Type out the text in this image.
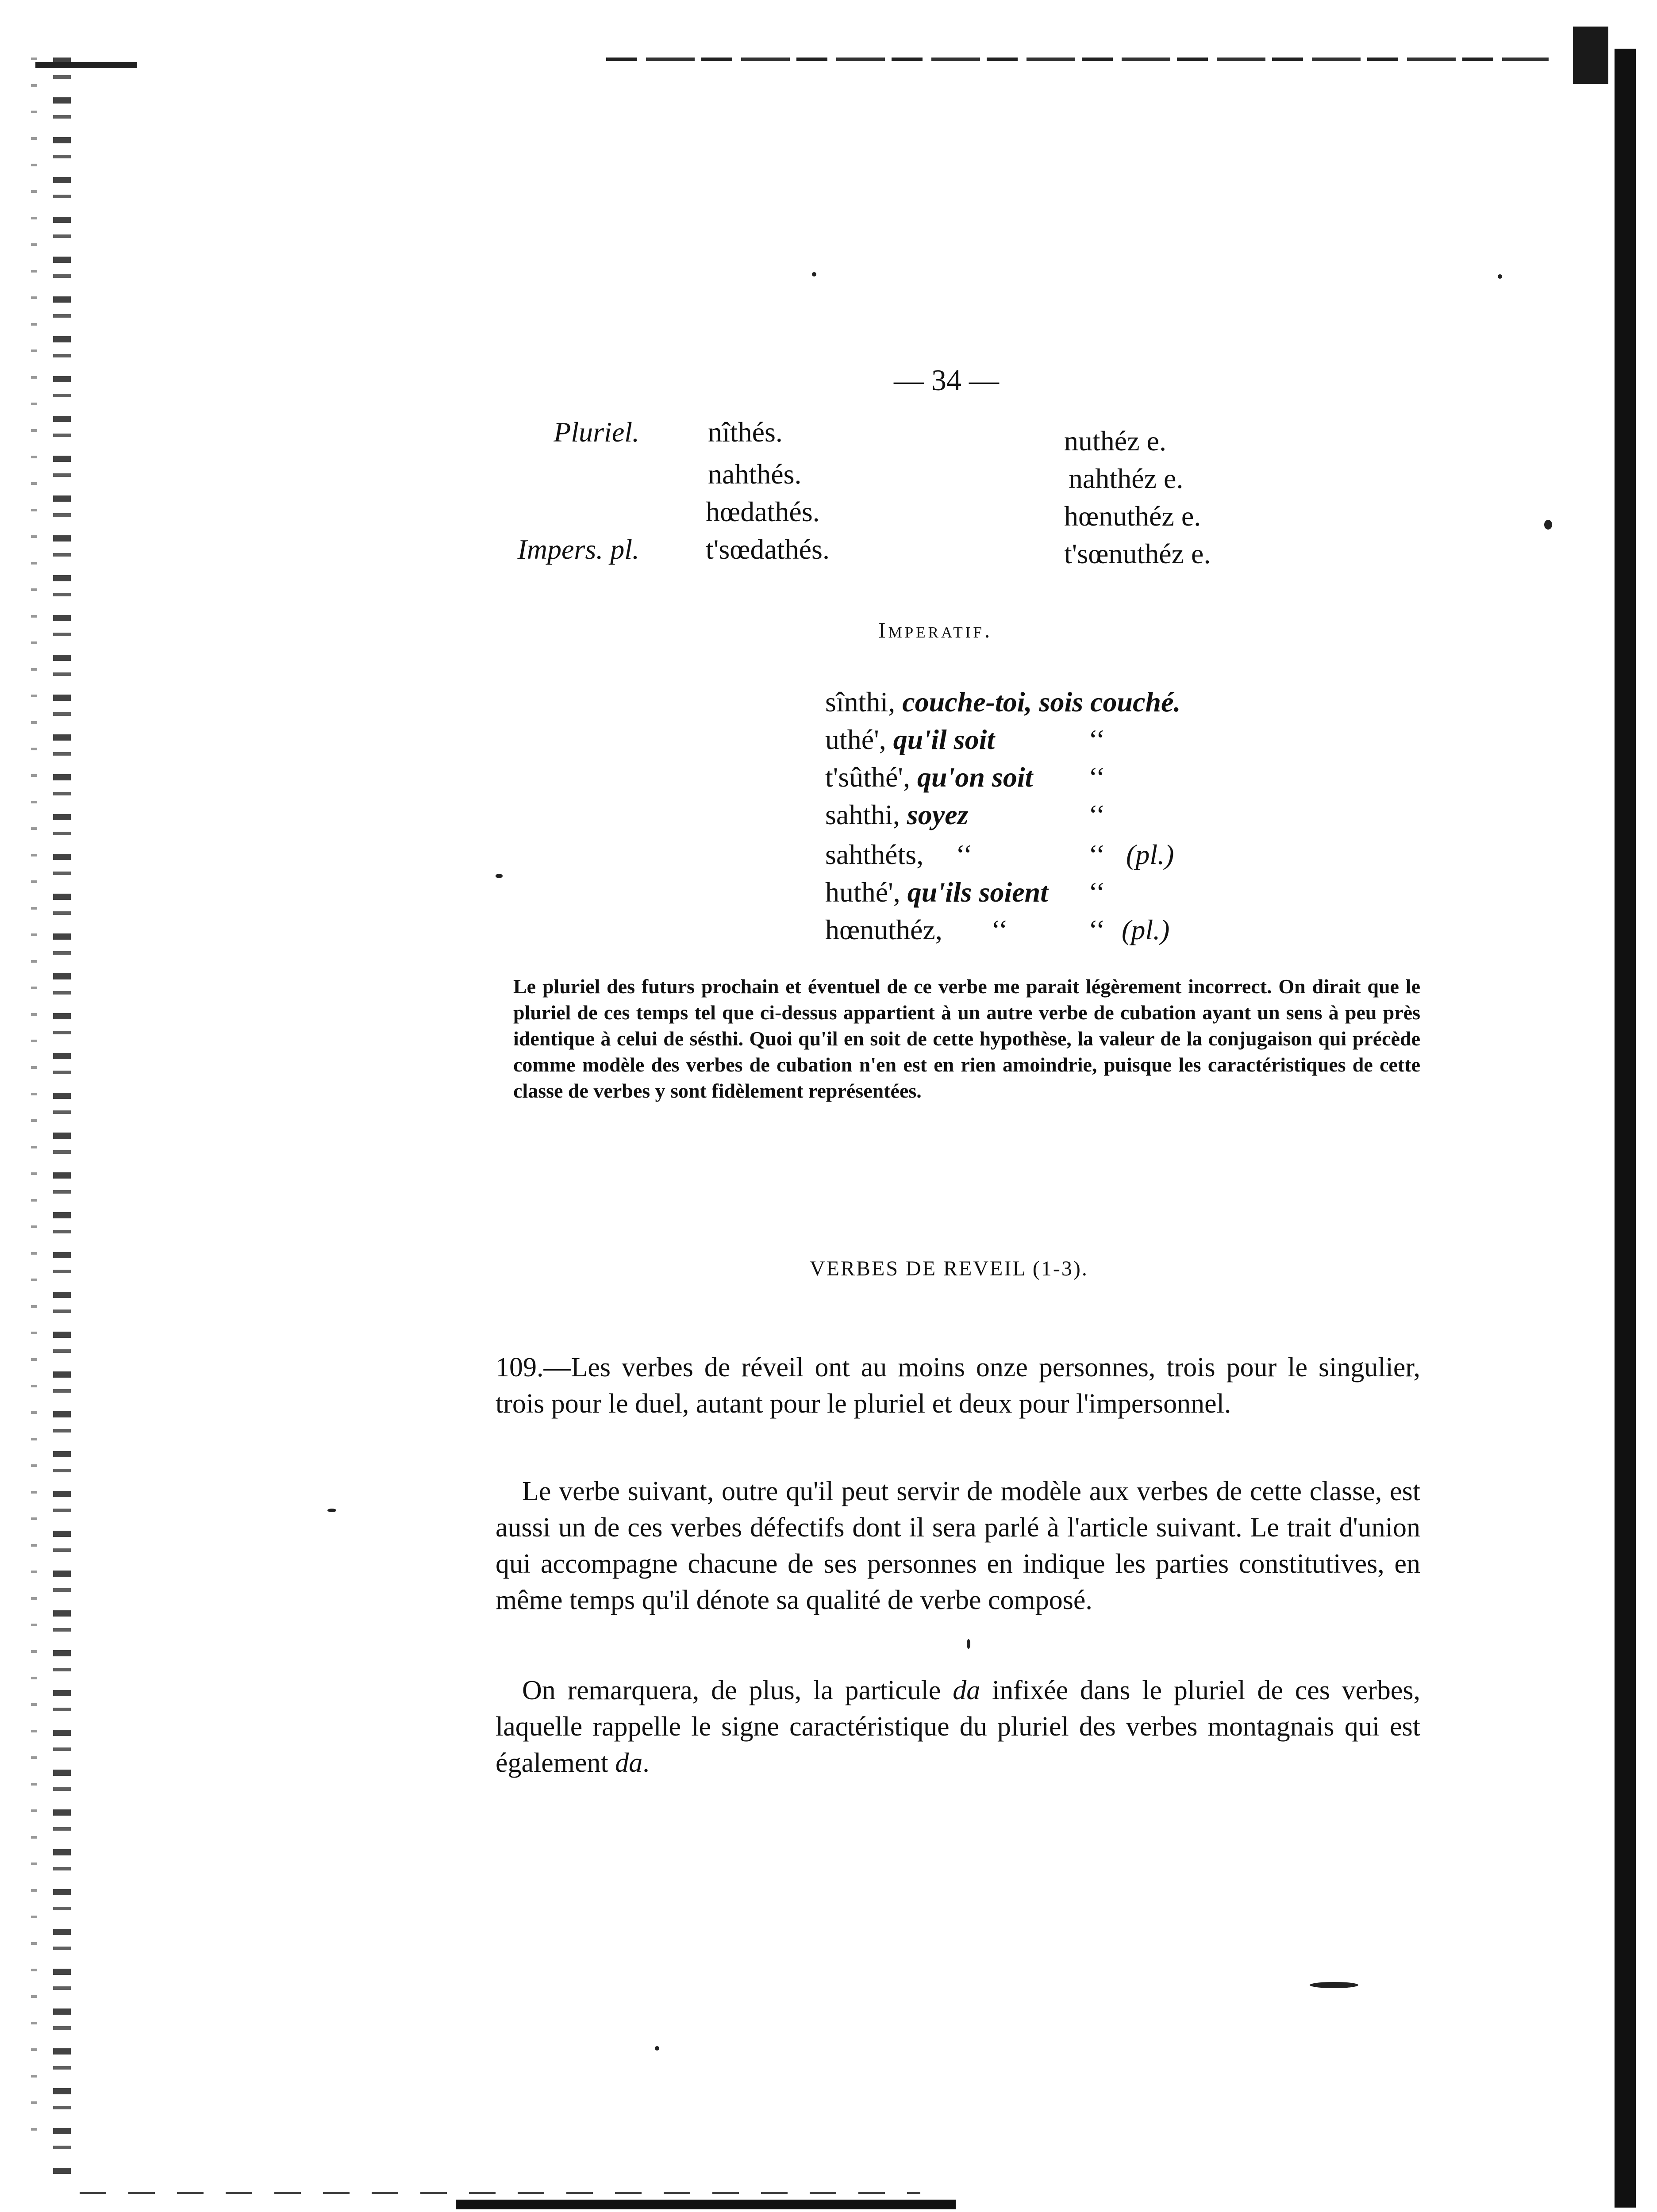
— 34 —
Pluriel. nîthés.	nuthéz e.
nahthés.	nahthéz e.
hœdathés.	hœnuthéz e.
Impers. pl. t'sœdathés.	t'sœnuthéz e.
Imperatif.
sînthi, couche-toi, sois couché.
uthé', qu'il soit	‘‘
t'sûthé', qu'on soit ‘‘
sahthi, soyez	‘‘
sahthéts, ‘‘	‘‘ (pl.)
huthé', qu'ils soient ‘‘
hœnuthéz, ‘‘	‘‘ (pl.)
Le pluriel des futurs prochain et éventuel de ce verbe me parait légèrement incorrect. On dirait que le pluriel de ces temps tel que ci-dessus appartient à un autre verbe de cubation ayant un sens à peu près identique à celui de sésthi. Quoi qu'il en soit de cette hypothèse, la valeur de la conjugaison qui précède comme modèle des verbes de cubation n'en est en rien amoindrie, puisque les caractéristiques de cette classe de verbes y sont fidèlement représentées.
VERBES DE REVEIL (1-3).
109.—Les verbes de réveil ont au moins onze personnes, trois pour le singulier, trois pour le duel, autant pour le pluriel et deux pour l'impersonnel.
Le verbe suivant, outre qu'il peut servir de modèle aux verbes de cette classe, est aussi un de ces verbes défectifs dont il sera parlé à l'article suivant. Le trait d'union qui accompagne chacune de ses personnes en indique les parties constitutives, en même temps qu'il dénote sa qualité de verbe composé.
On remarquera, de plus, la particule da infixée dans le pluriel de ces verbes, laquelle rappelle le signe caractéristique du pluriel des verbes montagnais qui est également da.
